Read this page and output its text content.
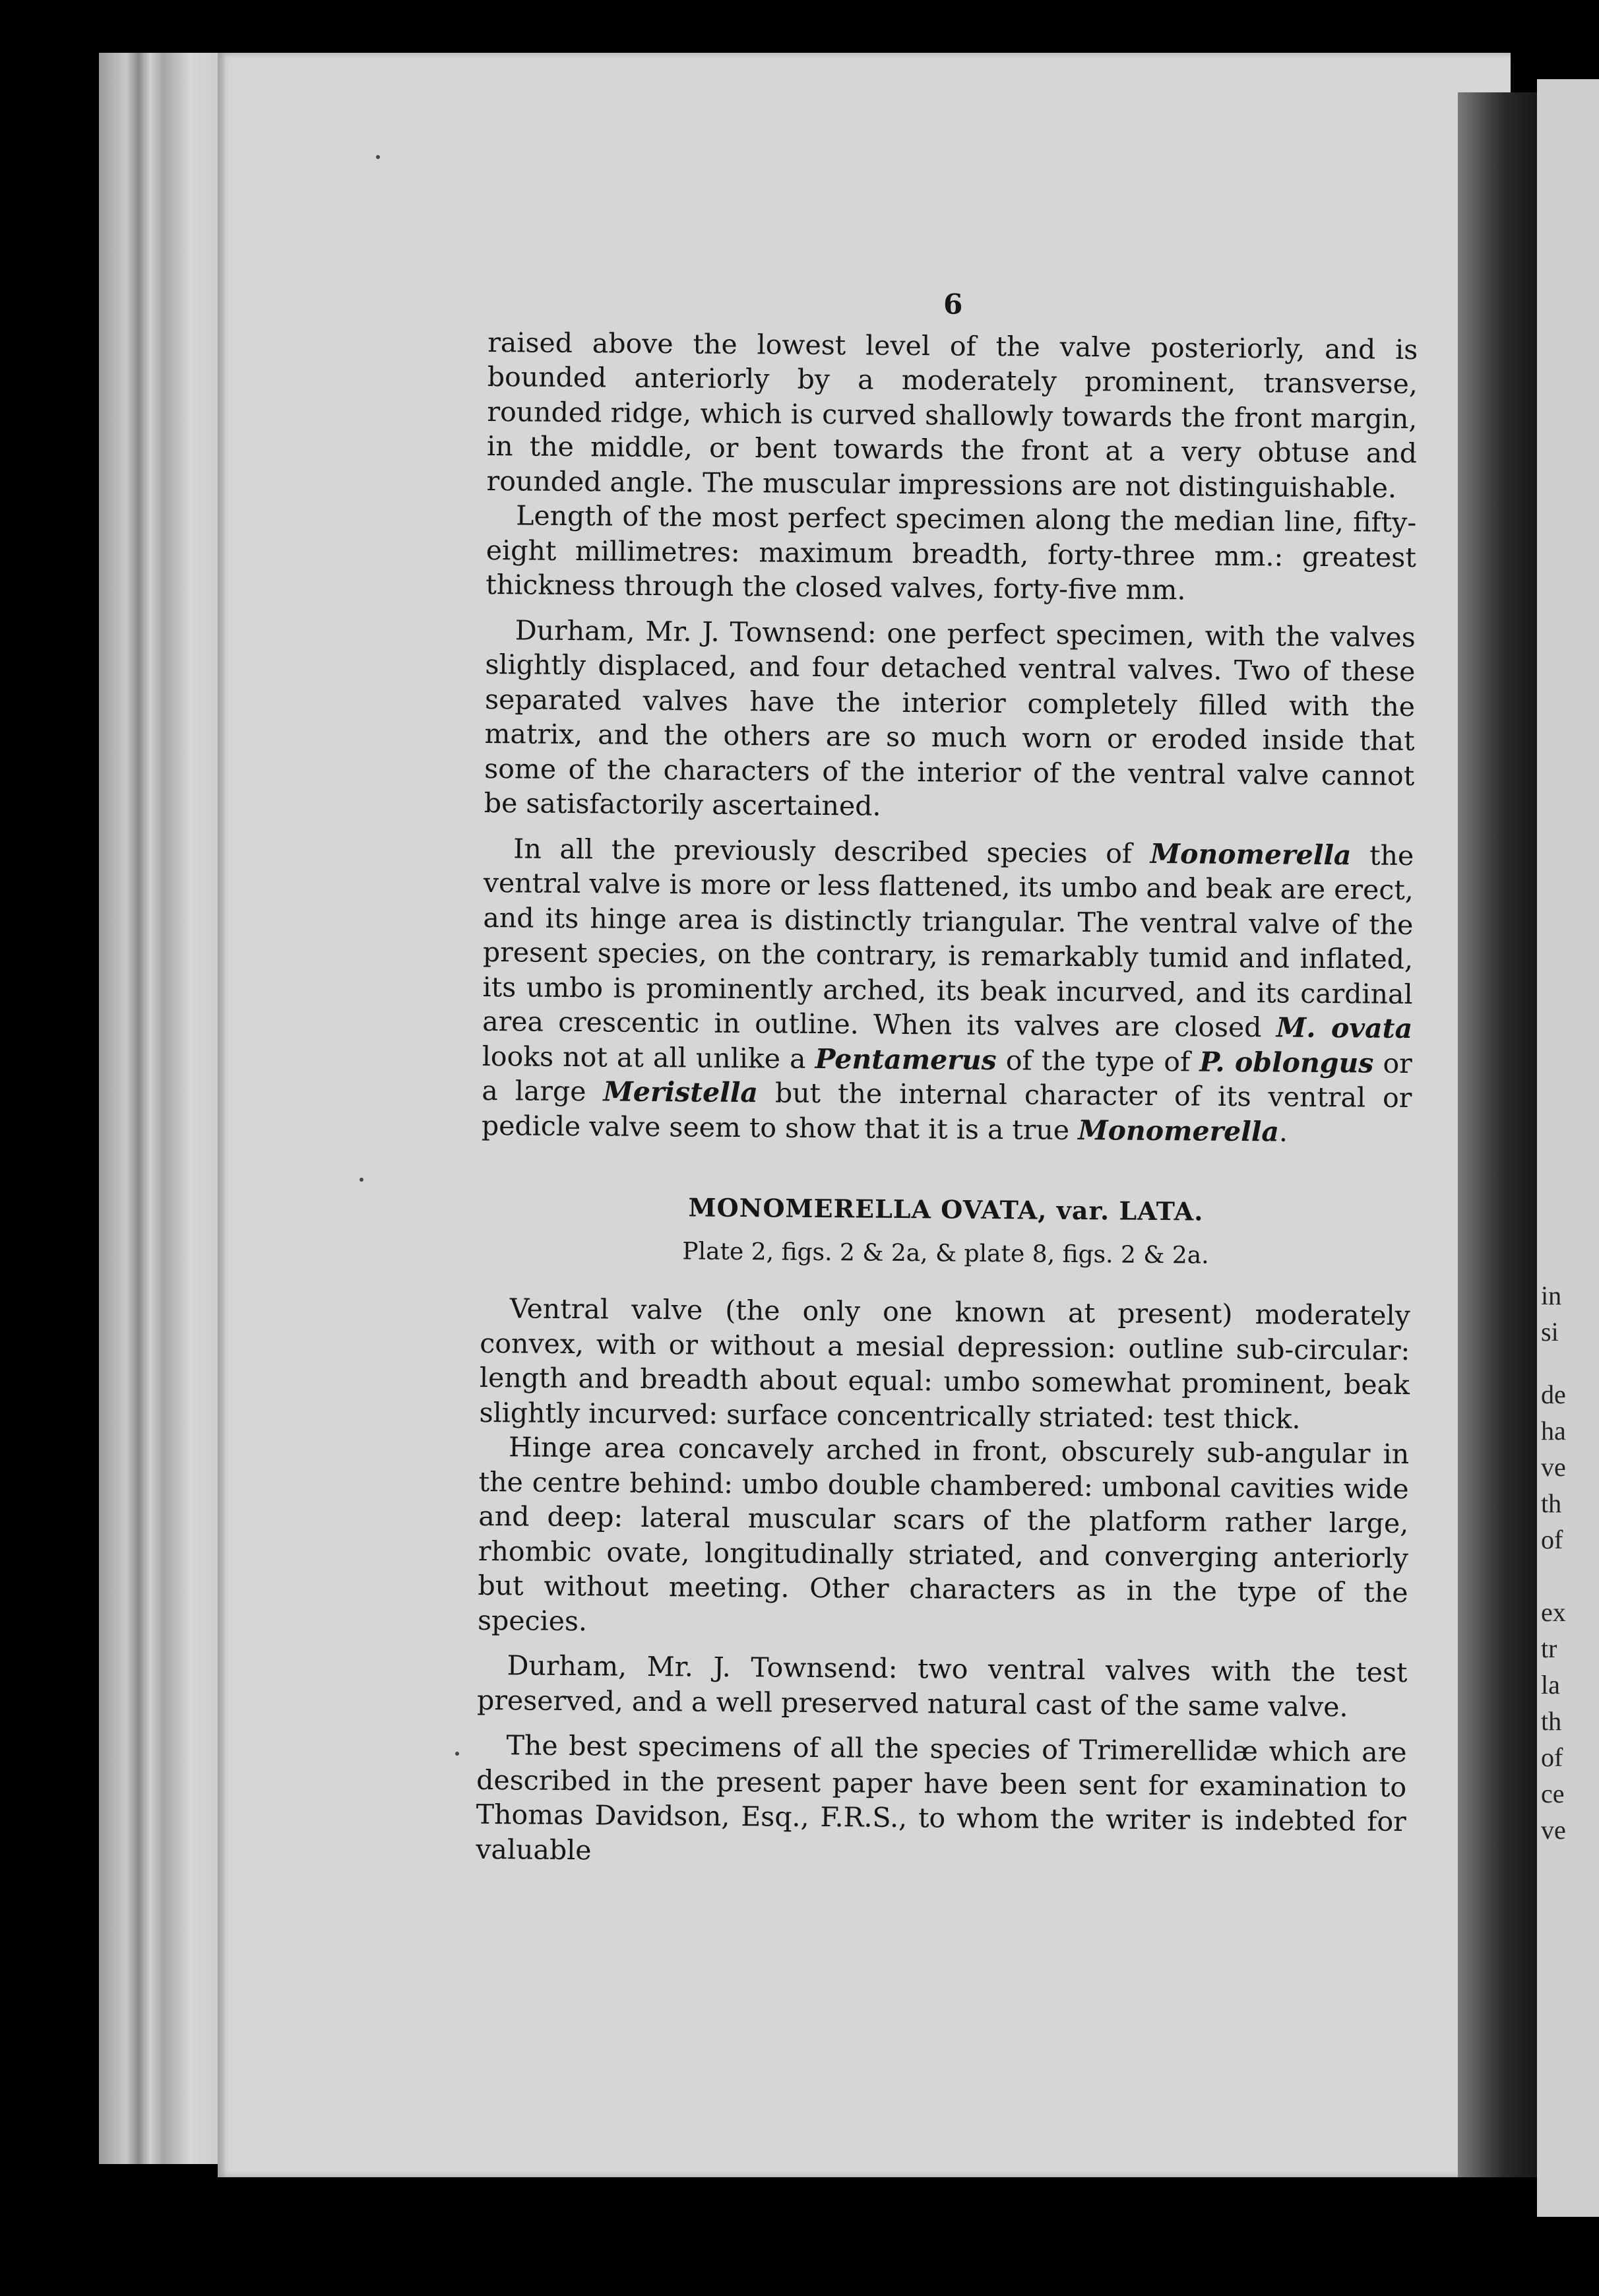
in
si
de
ha
ve
th
of
ex
tr
la
th
of
ce
ve
6

raised above the lowest level of the valve posteriorly, and is bounded anteriorly by a moderately prominent, transverse, rounded ridge, which is curved shallowly towards the front margin, in the middle, or bent towards the front at a very obtuse and rounded angle. The muscular impressions are not distinguishable.

Length of the most perfect specimen along the median line, fifty-eight millimetres: maximum breadth, forty-three mm.: greatest thickness through the closed valves, forty-five mm.

Durham, Mr. J. Townsend: one perfect specimen, with the valves slightly displaced, and four detached ventral valves. Two of these separated valves have the interior completely filled with the matrix, and the others are so much worn or eroded inside that some of the characters of the interior of the ventral valve cannot be satisfactorily ascertained.

In all the previously described species of Monomerella the ventral valve is more or less flattened, its umbo and beak are erect, and its hinge area is distinctly triangular. The ventral valve of the present species, on the contrary, is remarkably tumid and inflated, its umbo is prominently arched, its beak incurved, and its cardinal area crescentic in outline. When its valves are closed M. ovata looks not at all unlike a Pentamerus of the type of P. oblongus or a large Meristella but the internal character of its ventral or pedicle valve seem to show that it is a true Monomerella.

MONOMERELLA OVATA, var. LATA.
Plate 2, figs. 2 & 2a, & plate 8, figs. 2 & 2a.

Ventral valve (the only one known at present) moderately convex, with or without a mesial depression: outline sub-circular: length and breadth about equal: umbo somewhat prominent, beak slightly incurved: surface concentrically striated: test thick.

Hinge area concavely arched in front, obscurely sub-angular in the centre behind: umbo double chambered: umbonal cavities wide and deep: lateral muscular scars of the platform rather large, rhombic ovate, longitudinally striated, and converging anteriorly but without meeting. Other characters as in the type of the species.

Durham, Mr. J. Townsend: two ventral valves with the test preserved, and a well preserved natural cast of the same valve.

The best specimens of all the species of Trimerellidæ which are described in the present paper have been sent for examination to Thomas Davidson, Esq., F.R.S., to whom the writer is indebted for valuable
